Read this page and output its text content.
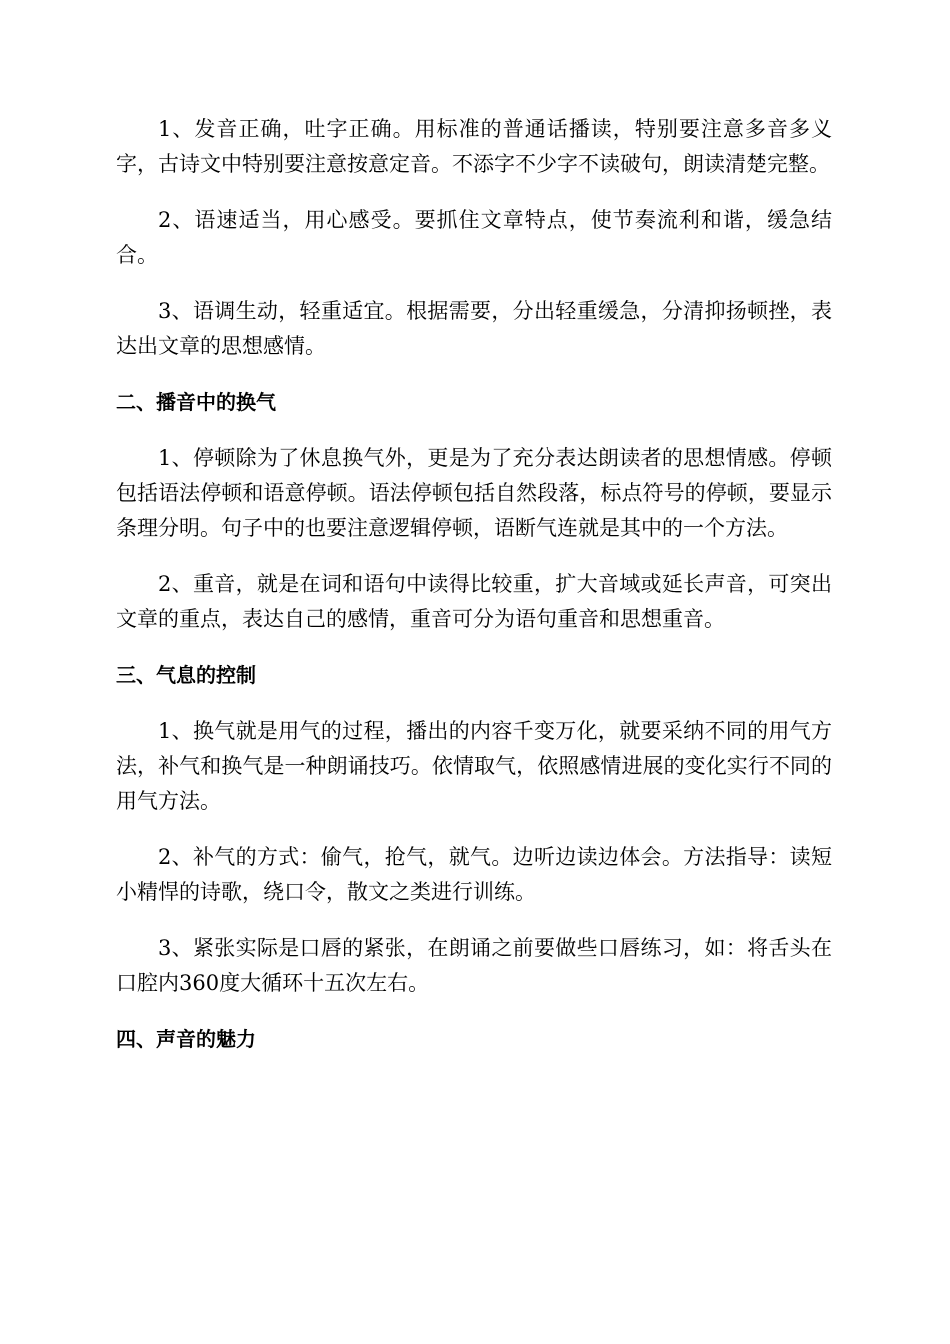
1、发音正确，吐字正确。用标准的普通话播读，特别要注意多音多义字，古诗文中特别要注意按意定音。不添字不少字不读破句，朗读清楚完整。

2、语速适当，用心感受。要抓住文章特点，使节奏流利和谐，缓急结合。

3、语调生动，轻重适宜。根据需要，分出轻重缓急，分清抑扬顿挫，表达出文章的思想感情。

二、播音中的换气

1、停顿除为了休息换气外，更是为了充分表达朗读者的思想情感。停顿包括语法停顿和语意停顿。语法停顿包括自然段落，标点符号的停顿，要显示条理分明。句子中的也要注意逻辑停顿，语断气连就是其中的一个方法。

2、重音，就是在词和语句中读得比较重，扩大音域或延长声音，可突出文章的重点，表达自己的感情，重音可分为语句重音和思想重音。

三、气息的控制

1、换气就是用气的过程，播出的内容千变万化，就要采纳不同的用气方法，补气和换气是一种朗诵技巧。依情取气，依照感情进展的变化实行不同的用气方法。

2、补气的方式：偷气，抢气，就气。边听边读边体会。方法指导：读短小精悍的诗歌，绕口令，散文之类进行训练。

3、紧张实际是口唇的紧张，在朗诵之前要做些口唇练习，如：将舌头在口腔内360度大循环十五次左右。

四、声音的魅力
